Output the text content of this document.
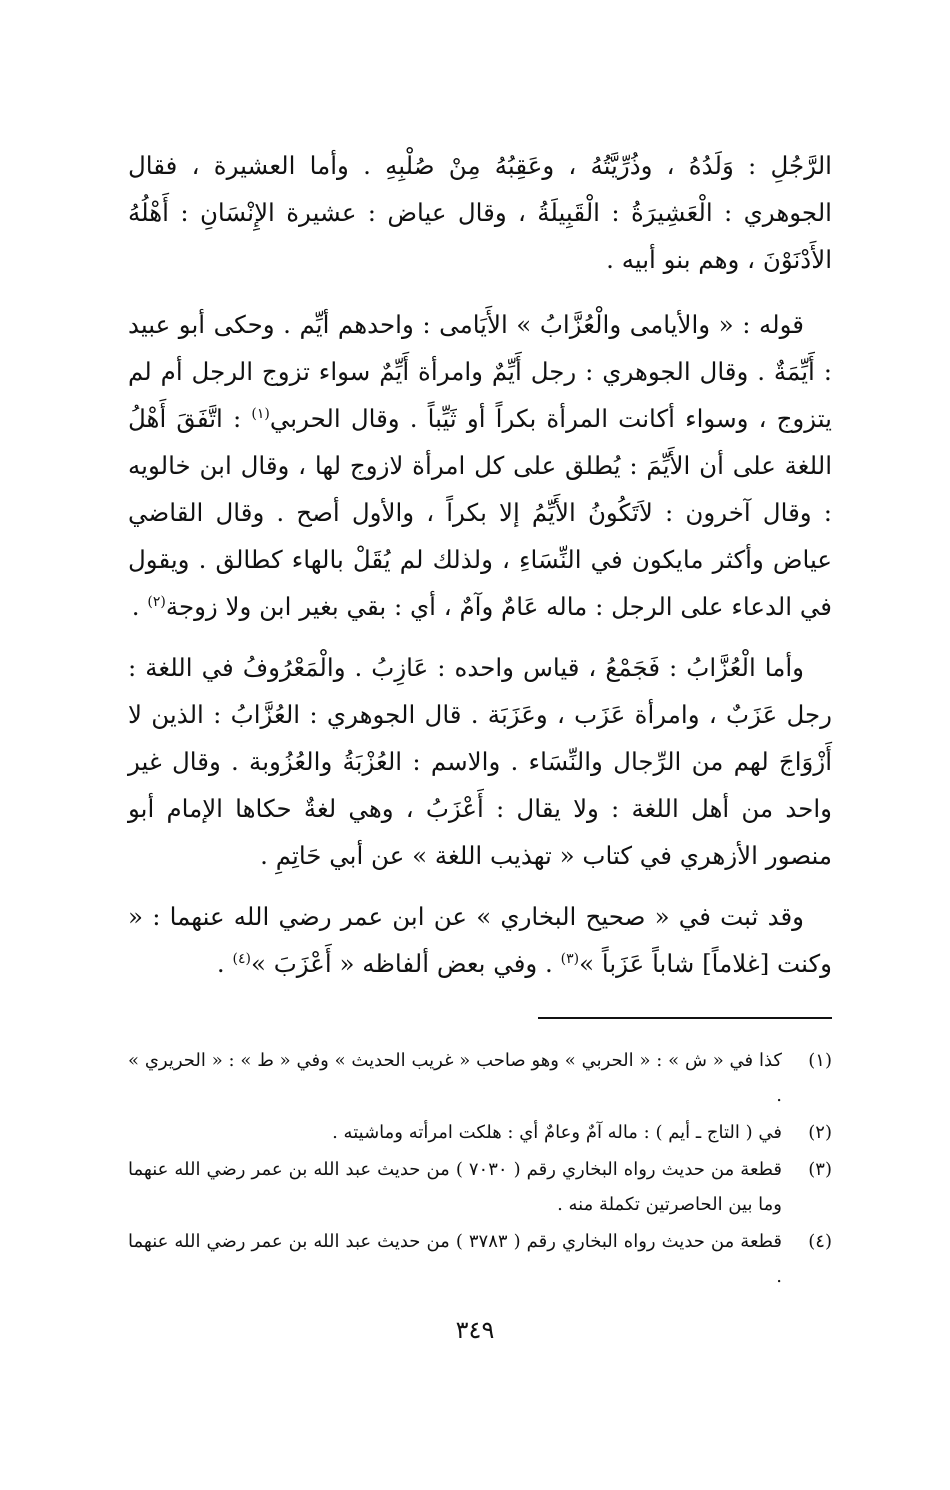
الرَّجُلِ : وَلَدُهُ ، وذُرِّيَّتُهُ ، وعَقِبُهُ مِنْ صُلْبِهِ . وأما العشيرة ، فقال الجوهري : الْعَشِيرَةُ : الْقَبِيلَةُ ، وقال عياض : عشيرة الإِنْسَانِ : أَهْلُهُ الأَدْنَوْنَ ، وهم بنو أبيه .

قوله : « والأيامى والْعُزَّابُ » الأَيَامى : واحدهم أيِّم . وحكى أبو عبيد : أَيِّمَةٌ . وقال الجوهري : رجل أَيِّمٌ وامرأة أَيِّمٌ سواء تزوج الرجل أم لم يتزوج ، وسواء أكانت المرأة بكراً أو ثَيِّباً . وقال الحربي$^{(١)}$ : اتَّفَقَ أَهْلُ اللغة على أن الأَيِّمَ : يُطلق على كل امرأة لازوج لها ، وقال ابن خالويه : وقال آخرون : لاَتَكُونُ الأَيِّمُ إلا بكراً ، والأول أصح . وقال القاضي عياض وأكثر مايكون في النِّسَاءِ ، ولذلك لم يُقَلْ بالهاء كطالق . ويقول في الدعاء على الرجل : ماله عَامٌ وآمٌ ، أي : بقي بغير ابن ولا زوجة$^{(٢)}$ .

وأما الْعُزَّابُ : فَجَمْعُ ، قياس واحده : عَازِبُ . والْمَعْرُوفُ في اللغة : رجل عَزَبٌ ، وامرأة عَزَب ، وعَزَبَة . قال الجوهري : العُزَّابُ : الذين لا أَزْوَاجَ لهم من الرِّجال والنِّسَاء . والاسم : العُزْبَةُ والعُزُوبة . وقال غير واحد من أهل اللغة : ولا يقال : أَعْزَبُ ، وهي لغةٌ حكاها الإمام أبو منصور الأزهري في كتاب « تهذيب اللغة » عن أبي حَاتِمِ .

وقد ثبت في « صحيح البخاري » عن ابن عمر رضي الله عنهما : « وكنت [غلاماً] شاباً عَزَباً »$^{(٣)}$ . وفي بعض ألفاظه « أَعْزَبَ »$^{(٤)}$ .

(١)
كذا في « ش » : « الحربي » وهو صاحب « غريب الحديث » وفي « ط » : « الحريري » .
(٢)
في ( التاج ـ أيم ) : ماله آمٌ وعامٌ أي : هلكت امرأته وماشيته .
(٣)
قطعة من حديث رواه البخاري رقم ( ٧٠٣٠ ) من حديث عبد الله بن عمر رضي الله عنهما وما بين الحاصرتين تكملة منه .
(٤)
قطعة من حديث رواه البخاري رقم ( ٣٧٨٣ ) من حديث عبد الله بن عمر رضي الله عنهما .
٣٤٩
